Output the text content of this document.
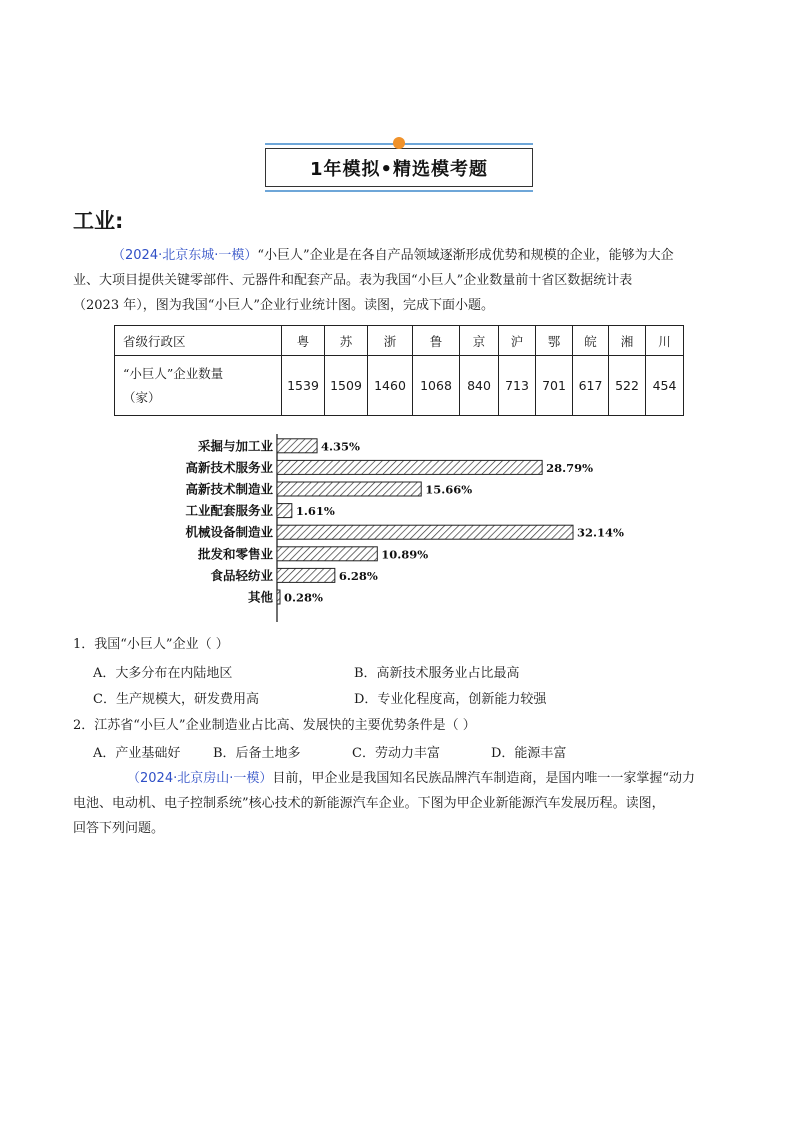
1年模拟•精选模考题
工业:
（2024·北京东城·一模）“小巨人”企业是在各自产品领域逐渐形成优势和规模的企业，能够为大企
业、大项目提供关键零部件、元器件和配套产品。表为我国“小巨人”企业数量前十省区数据统计表
（2023 年），图为我国“小巨人”企业行业统计图。读图，完成下面小题。
省级行政区	粤	苏	浙	鲁	京	沪	鄂	皖	湘	川

“小巨人”企业数量
（家）	1539	1509	1460	1068	840	713	701	617	522	454
采掘与加工业	4.35%
高新技术服务业	28.79%
高新技术制造业	15.66%
工业配套服务业 1.61%
机械设备制造业	32.14%
批发和零售业	10.89%
食品轻纺业	6.28%
其他 0.28%
1．我国“小巨人”企业（ ）
A．大多分布在内陆地区	B．高新技术服务业占比最高
C．生产规模大，研发费用高	D．专业化程度高，创新能力较强
2．江苏省“小巨人”企业制造业占比高、发展快的主要优势条件是（ ）
A．产业基础好	B．后备土地多	C．劳动力丰富	D．能源丰富
（2024·北京房山·一模）目前，甲企业是我国知名民族品牌汽车制造商，是国内唯一一家掌握“动力
电池、电动机、电子控制系统”核心技术的新能源汽车企业。下图为甲企业新能源汽车发展历程。读图，
回答下列问题。
